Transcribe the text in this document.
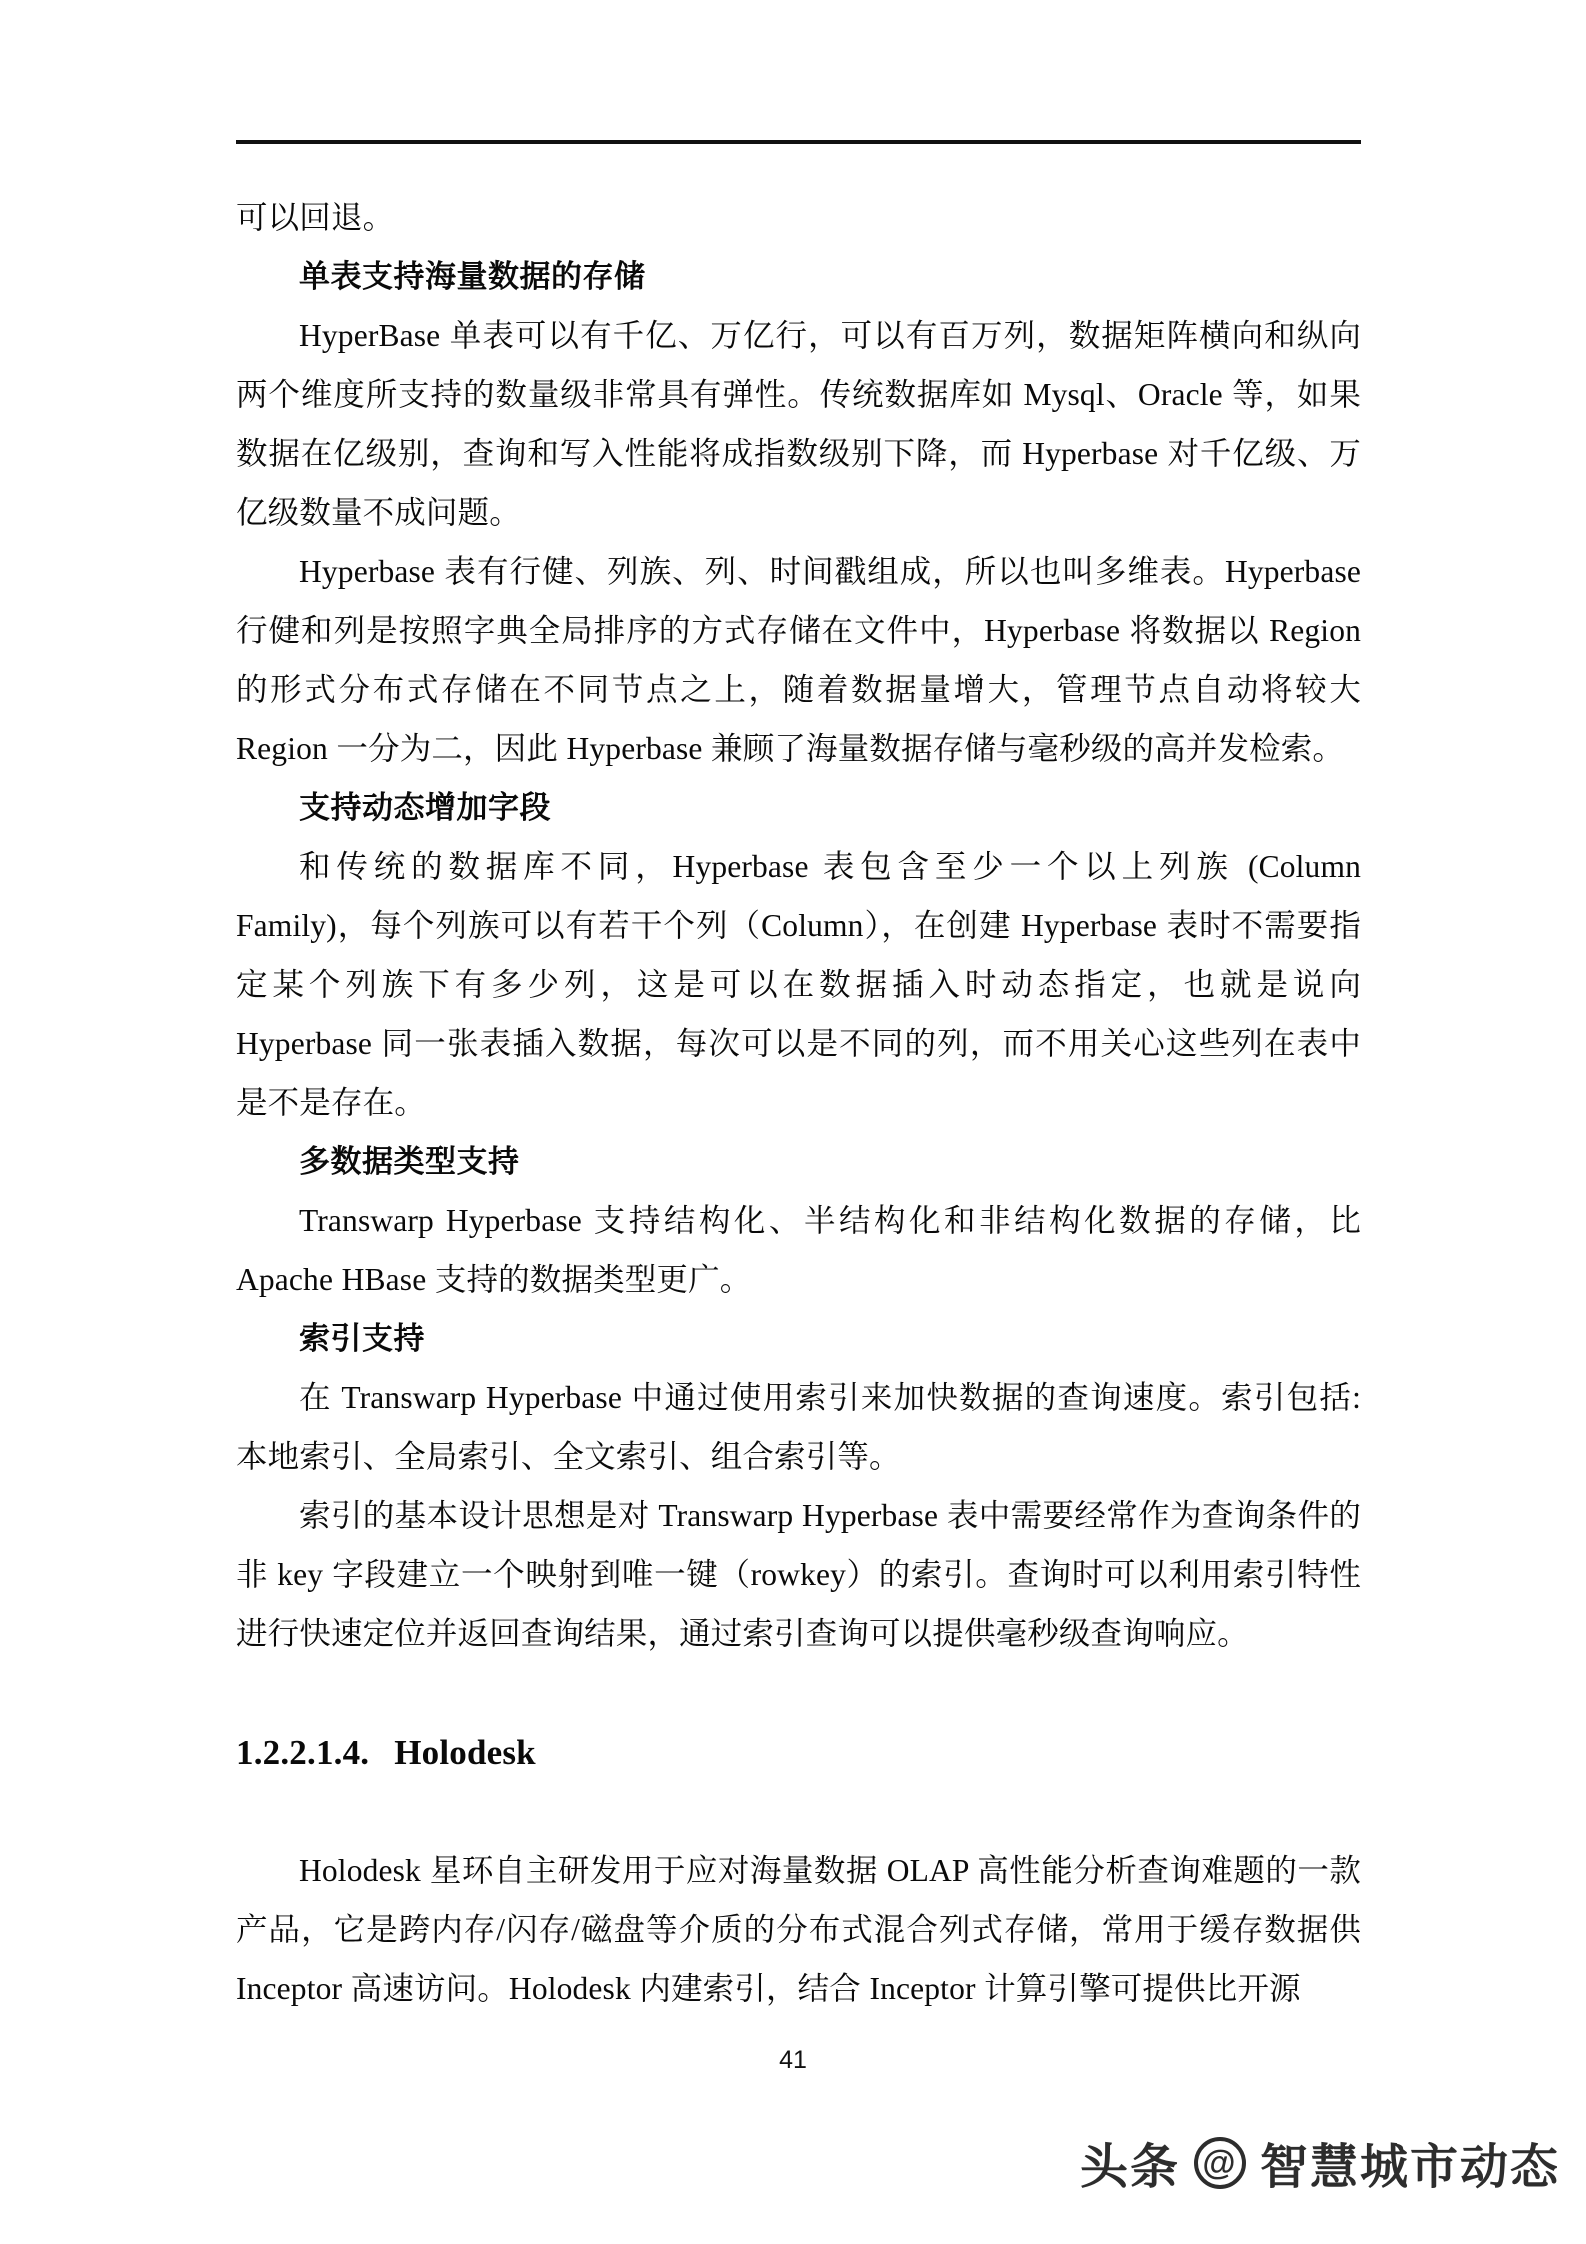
可以回退。

单表支持海量数据的存储

HyperBase 单表可以有千亿、万亿行，可以有百万列，数据矩阵横向和纵向两个维度所支持的数量级非常具有弹性。传统数据库如 Mysql、Oracle 等，如果数据在亿级别，查询和写入性能将成指数级别下降，而 Hyperbase 对千亿级、万亿级数量不成问题。

Hyperbase 表有行健、列族、列、时间戳组成，所以也叫多维表。Hyperbase 行健和列是按照字典全局排序的方式存储在文件中，Hyperbase 将数据以 Region 的形式分布式存储在不同节点之上，随着数据量增大，管理节点自动将较大 Region 一分为二，因此 Hyperbase 兼顾了海量数据存储与毫秒级的高并发检索。

支持动态增加字段

和传统的数据库不同，Hyperbase 表包含至少一个以上列族 (Column Family)，每个列族可以有若干个列（Column），在创建 Hyperbase 表时不需要指定某个列族下有多少列，这是可以在数据插入时动态指定，也就是说向 Hyperbase 同一张表插入数据，每次可以是不同的列，而不用关心这些列在表中是不是存在。

多数据类型支持

Transwarp Hyperbase 支持结构化、半结构化和非结构化数据的存储，比 Apache HBase 支持的数据类型更广。

索引支持

在 Transwarp Hyperbase 中通过使用索引来加快数据的查询速度。索引包括: 本地索引、全局索引、全文索引、组合索引等。

索引的基本设计思想是对 Transwarp Hyperbase 表中需要经常作为查询条件的非 key 字段建立一个映射到唯一键（rowkey）的索引。查询时可以利用索引特性进行快速定位并返回查询结果，通过索引查询可以提供毫秒级查询响应。

1.2.2.1.4. Holodesk

Holodesk 星环自主研发用于应对海量数据 OLAP 高性能分析查询难题的一款产品，它是跨内存/闪存/磁盘等介质的分布式混合列式存储，常用于缓存数据供 Inceptor 高速访问。Holodesk 内建索引，结合 Inceptor 计算引擎可提供比开源

41
头条 @ 智慧城市动态
